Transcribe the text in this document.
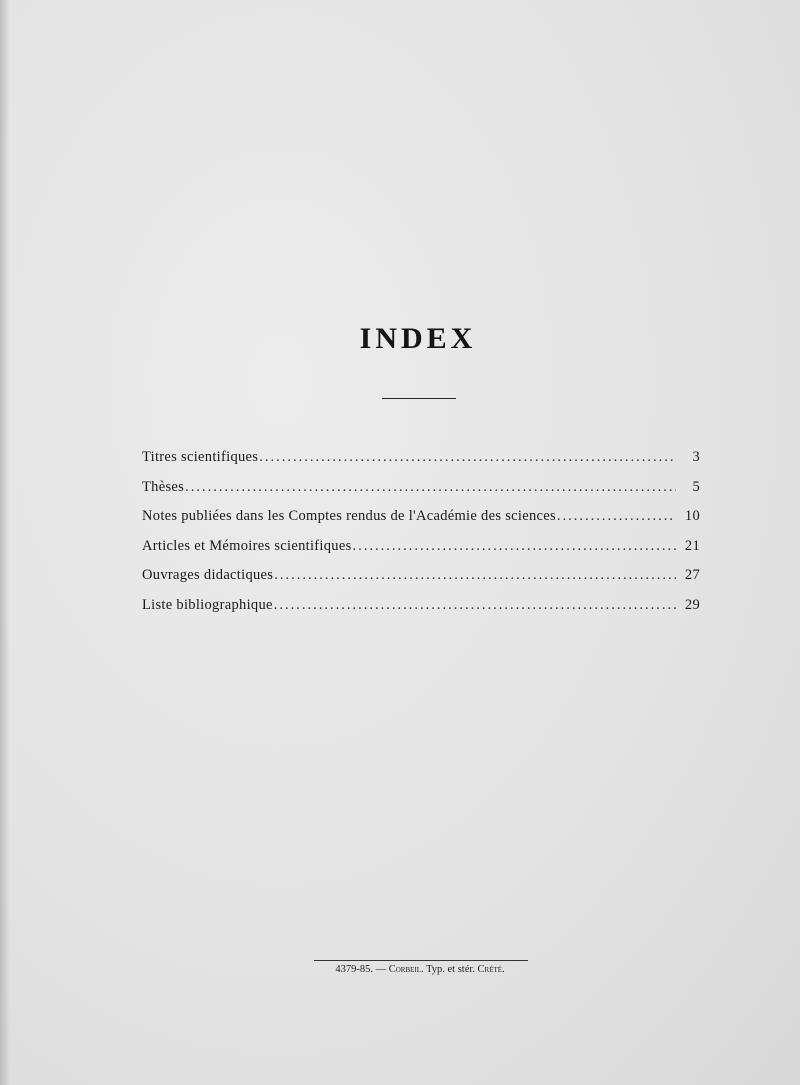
INDEX
Titres scientifiques .....	3
Thèses .....	5
Notes publiées dans les Comptes rendus de l'Académie des sciences .....	10
Articles et Mémoires scientifiques .....	21
Ouvrages didactiques .....	27
Liste bibliographique .....	29
4379-85. — Corbeil. Typ. et stér. Crété.
